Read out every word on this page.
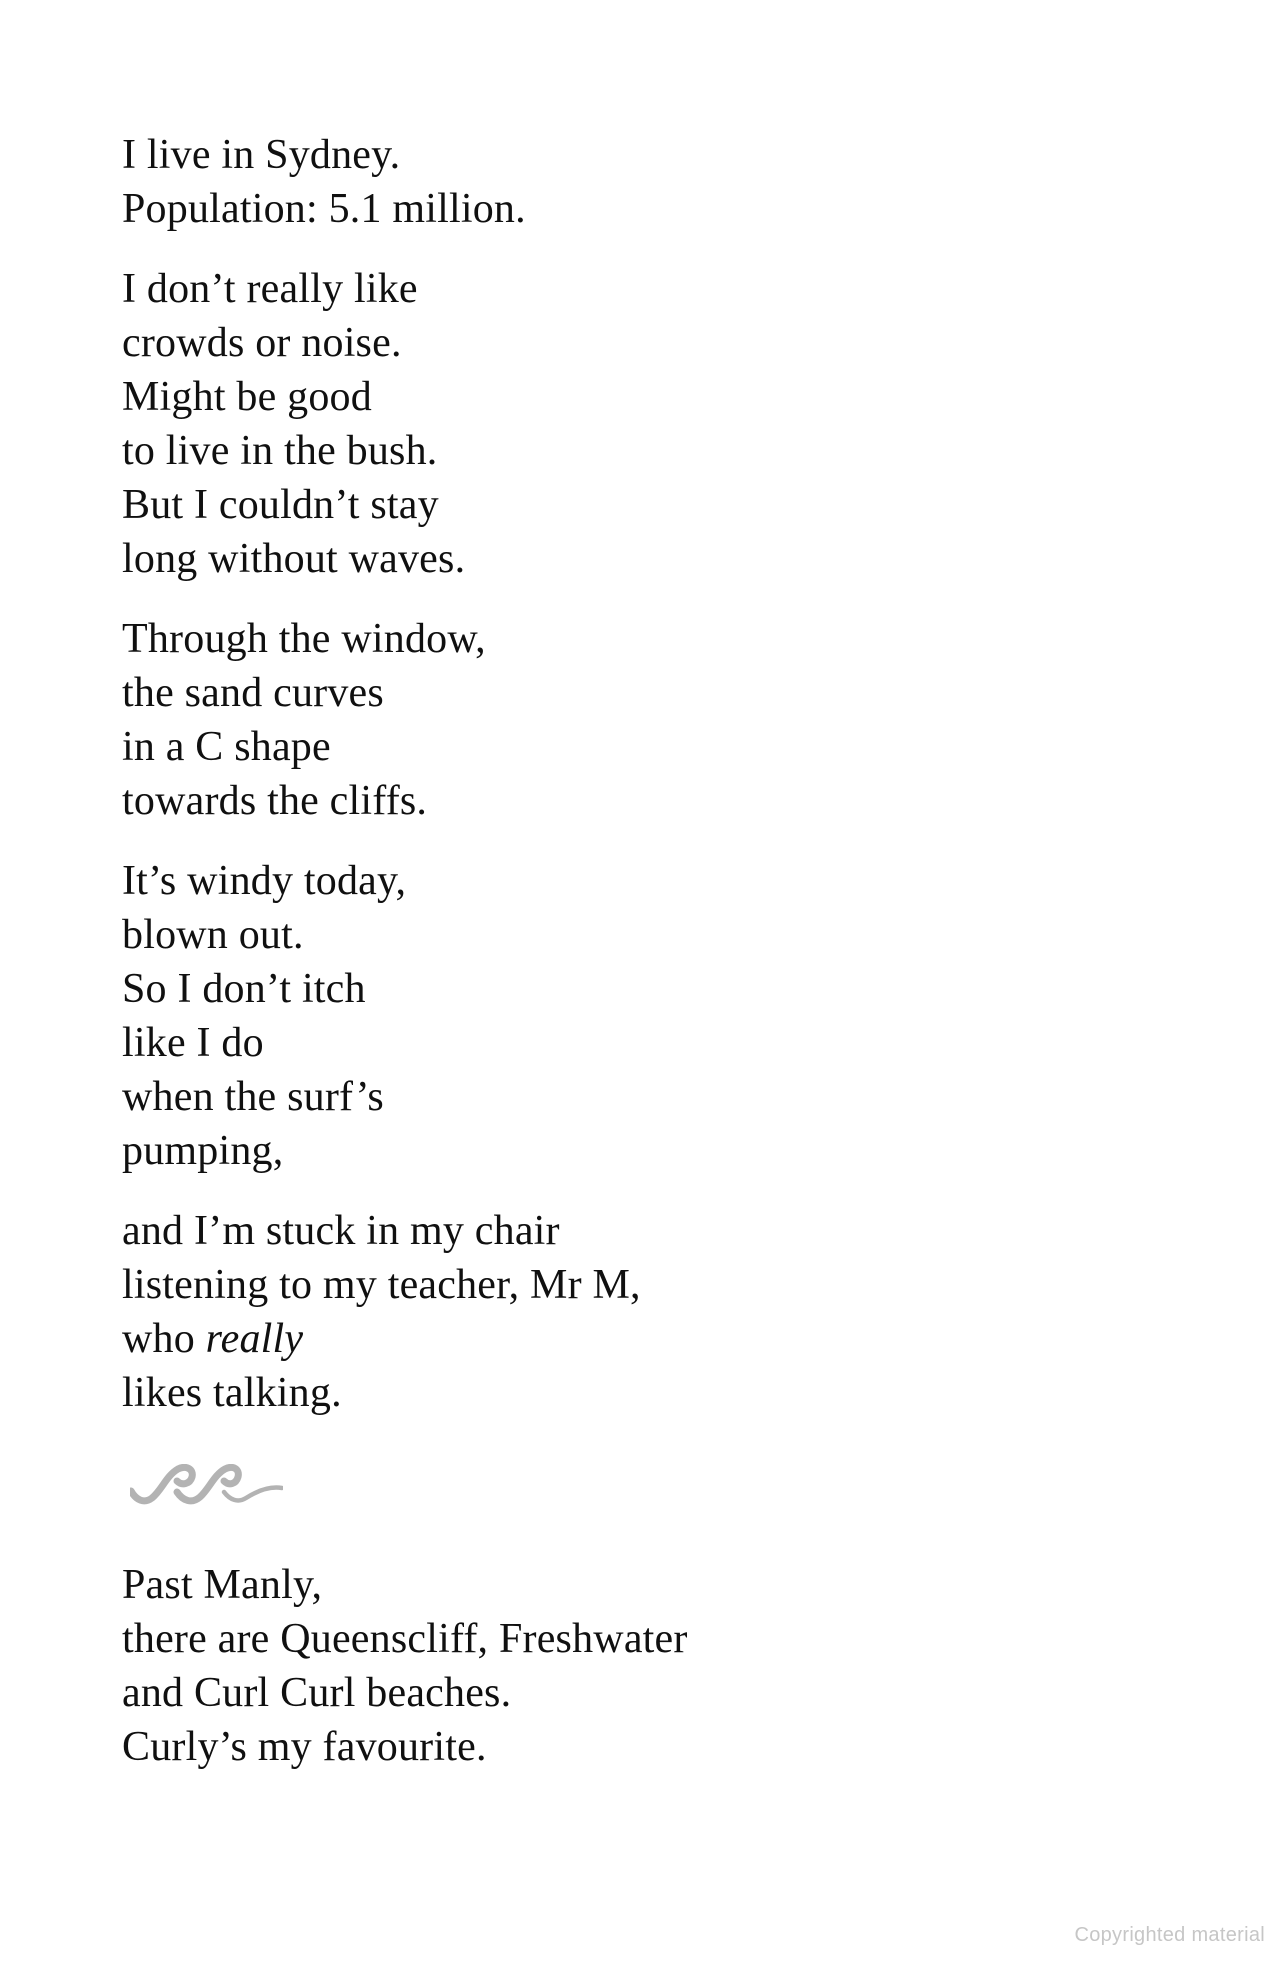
I live in Sydney.
Population: 5.1 million.
I don’t really like
crowds or noise.
Might be good
to live in the bush.
But I couldn’t stay
long without waves.
Through the window,
the sand curves
in a C shape
towards the cliffs.
It’s windy today,
blown out.
So I don’t itch
like I do
when the surf’s
pumping,
and I’m stuck in my chair
listening to my teacher, Mr M,
who really
likes talking.
Past Manly,
there are Queenscliff, Freshwater
and Curl Curl beaches.
Curly’s my favourite.
Copyrighted material
